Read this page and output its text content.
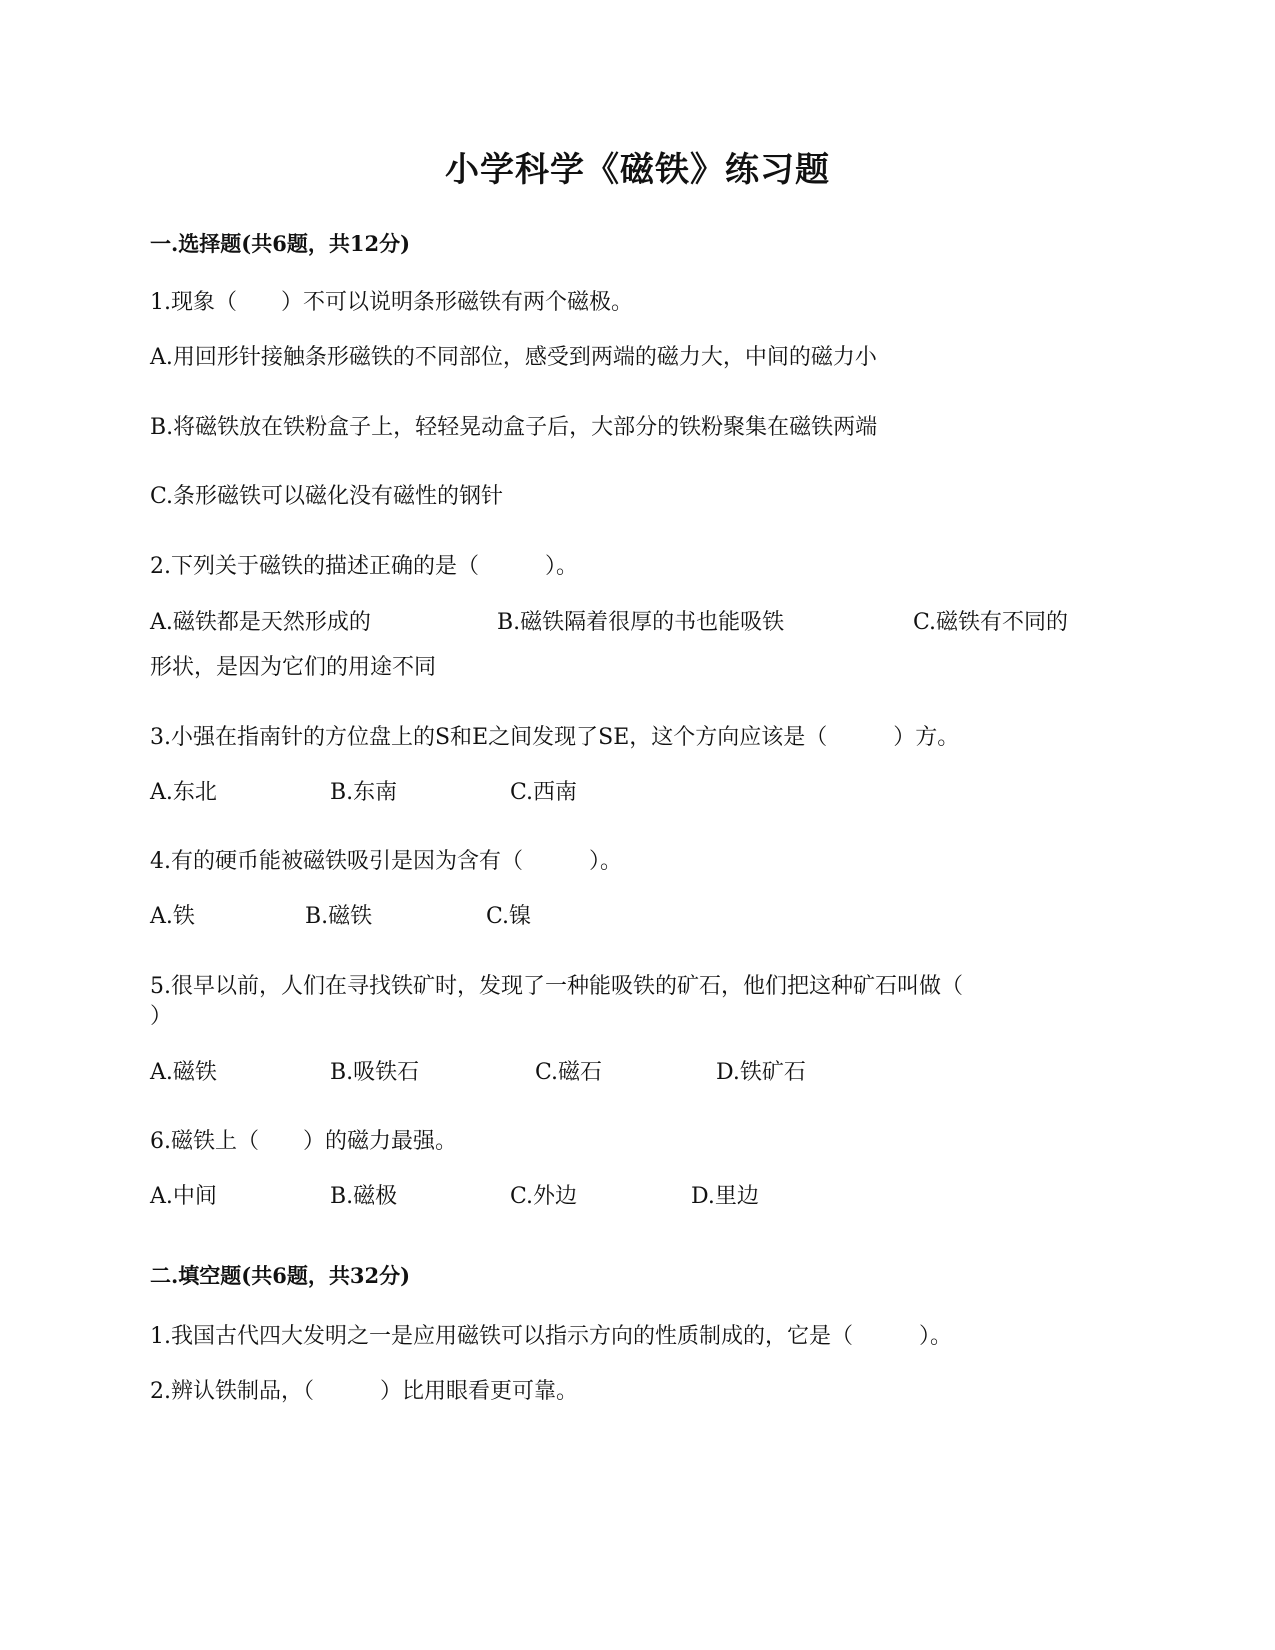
小学科学《磁铁》练习题
一.选择题(共6题，共12分)
1.现象（　　）不可以说明条形磁铁有两个磁极。
A.用回形针接触条形磁铁的不同部位，感受到两端的磁力大，中间的磁力小
B.将磁铁放在铁粉盒子上，轻轻晃动盒子后，大部分的铁粉聚集在磁铁两端
C.条形磁铁可以磁化没有磁性的钢针
2.下列关于磁铁的描述正确的是（　　　）。
A.磁铁都是天然形成的	B.磁铁隔着很厚的书也能吸铁	C.磁铁有不同的
形状，是因为它们的用途不同
3.小强在指南针的方位盘上的S和E之间发现了SE，这个方向应该是（　　　）方。
A.东北	B.东南	C.西南
4.有的硬币能被磁铁吸引是因为含有（　　　）。
A.铁	B.磁铁	C.镍
5.很早以前，人们在寻找铁矿时，发现了一种能吸铁的矿石，他们把这种矿石叫做（
）
A.磁铁	B.吸铁石	C.磁石	D.铁矿石
6.磁铁上（　　）的磁力最强。
A.中间	B.磁极	C.外边	D.里边
二.填空题(共6题，共32分)
1.我国古代四大发明之一是应用磁铁可以指示方向的性质制成的，它是（　　　）。
2.辨认铁制品，（　　　）比用眼看更可靠。
